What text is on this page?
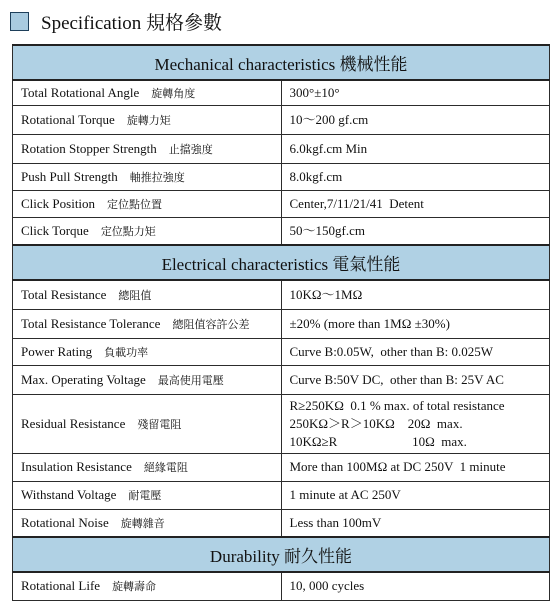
Specification 規格參數
Mechanical characteristics 機械性能	
Total Rotational Angle 旋轉角度	300°±10°

Rotational Torque 旋轉力矩	10～200 gf.cm

Rotation Stopper Strength 止擋強度	6.0kgf.cm Min

Push Pull Strength 軸推拉強度	8.0kgf.cm

Click Position 定位點位置	Center,7/11/21/41  Detent

Click Torque 定位點力矩	50～150gf.cm

Electrical characteristics 電氣性能	
Total Resistance 總阻值	10KΩ～1MΩ

Total Resistance Tolerance 總阻值容許公差	±20% (more than 1MΩ ±30%)

Power Rating 負載功率	Curve B:0.05W,  other than B: 0.025W

Max. Operating Voltage 最高使用電壓	Curve B:50V DC,  other than B: 25V AC

Residual Resistance 殘留電阻	R≥250KΩ  0.1 % max. of total resistance
250KΩ＞R＞10KΩ    20Ω  max.
10KΩ≥R                       10Ω  max.

Insulation Resistance 絕緣電阻	More than 100MΩ at DC 250V  1 minute

Withstand Voltage 耐電壓	1 minute at AC 250V

Rotational Noise 旋轉雜音	Less than 100mV

Durability 耐久性能	
Rotational Life 旋轉壽命	10, 000 cycles
